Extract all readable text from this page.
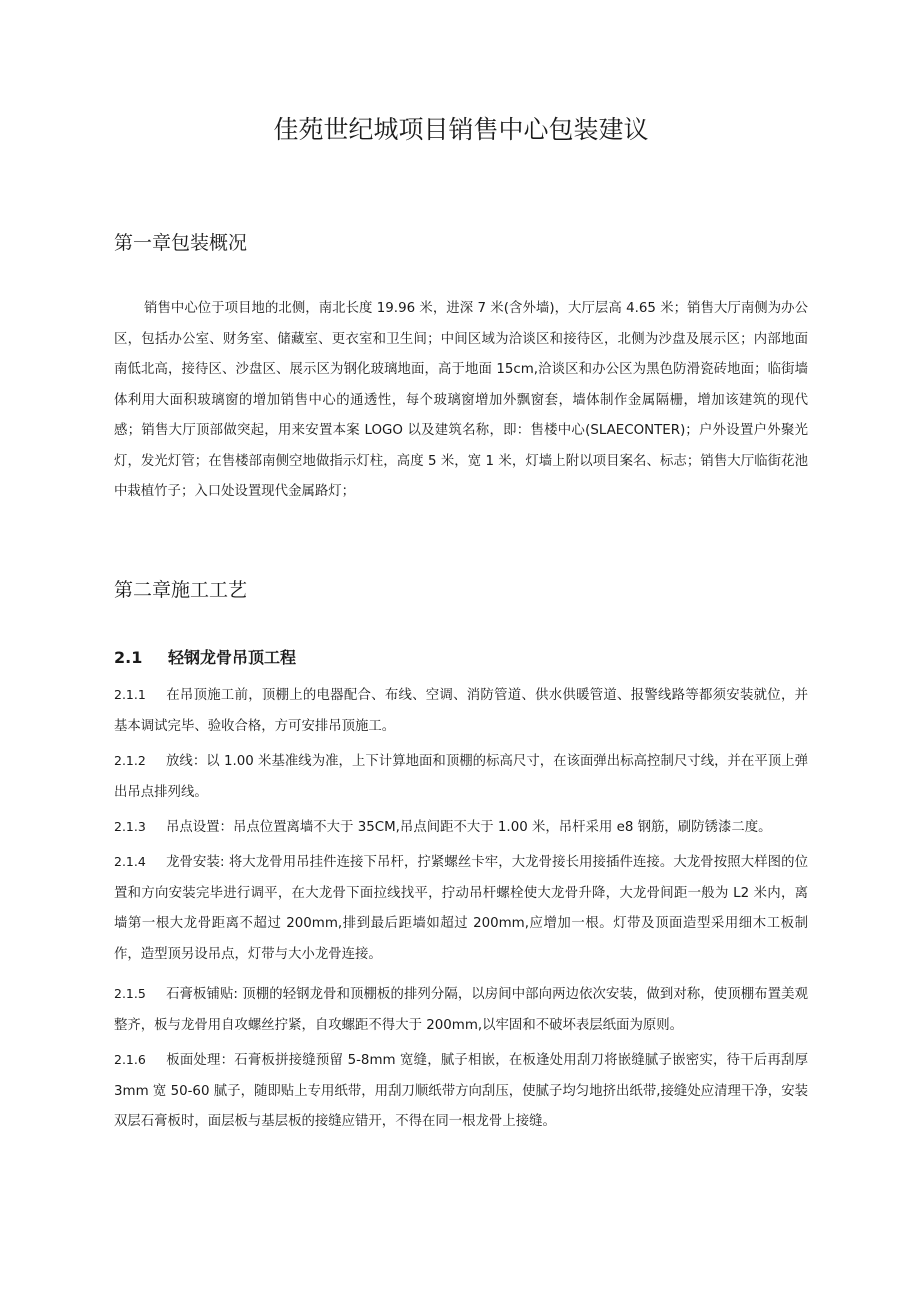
佳苑世纪城项目销售中心包装建议
第一章包装概况

销售中心位于项目地的北侧，南北长度 19.96 米，进深 7 米(含外墙)，大厅层高 4.65 米；销售大厅南侧为办公区，包括办公室、财务室、储藏室、更衣室和卫生间；中间区域为洽谈区和接待区，北侧为沙盘及展示区；内部地面南低北高，接待区、沙盘区、展示区为钢化玻璃地面，高于地面 15cm,洽谈区和办公区为黑色防滑瓷砖地面；临街墙体利用大面积玻璃窗的增加销售中心的通透性，每个玻璃窗增加外飘窗套，墙体制作金属隔栅，增加该建筑的现代感；销售大厅顶部做突起，用来安置本案 LOGO 以及建筑名称，即：售楼中心(SLAECONTER)；户外设置户外聚光灯，发光灯管；在售楼部南侧空地做指示灯柱，高度 5 米，宽 1 米，灯墙上附以项目案名、标志；销售大厅临街花池中栽植竹子；入口处设置现代金属路灯；

第二章施工工艺
2.1 轻钢龙骨吊顶工程

2.1.1 在吊顶施工前，顶棚上的电器配合、布线、空调、消防管道、供水供暖管道、报警线路等都须安装就位，并基本调试完毕、验收合格，方可安排吊顶施工。

2.1.2 放线：以 1.00 米基准线为准，上下计算地面和顶棚的标高尺寸，在该面弹出标高控制尺寸线，并在平顶上弹出吊点排列线。

2.1.3 吊点设置：吊点位置离墙不大于 35CM,吊点间距不大于 1.00 米，吊杆采用 e8 钢筋，刷防锈漆二度。

2.1.4 龙骨安装: 将大龙骨用吊挂件连接下吊杆，拧紧螺丝卡牢，大龙骨接长用接插件连接。大龙骨按照大样图的位置和方向安装完毕进行调平，在大龙骨下面拉线找平，拧动吊杆螺栓使大龙骨升降，大龙骨间距一般为 L2 米内，离墙第一根大龙骨距离不超过 200mm,排到最后距墙如超过 200mm,应增加一根。灯带及顶面造型采用细木工板制作，造型顶另设吊点，灯带与大小龙骨连接。

2.1.5 石膏板铺贴: 顶棚的轻钢龙骨和顶棚板的排列分隔，以房间中部向两边依次安装，做到对称，使顶棚布置美观整齐，板与龙骨用自攻螺丝拧紧，自攻螺距不得大于 200mm,以牢固和不破坏表层纸面为原则。

2.1.6 板面处理：石膏板拼接缝预留 5-8mm 宽缝，腻子相嵌，在板逢处用刮刀将嵌缝腻子嵌密实，待干后再刮厚 3mm 宽 50-60 腻子，随即贴上专用纸带，用刮刀顺纸带方向刮压，使腻子均匀地挤出纸带,接缝处应清理干净，安装双层石膏板时，面层板与基层板的接缝应错开，不得在同一根龙骨上接缝。
